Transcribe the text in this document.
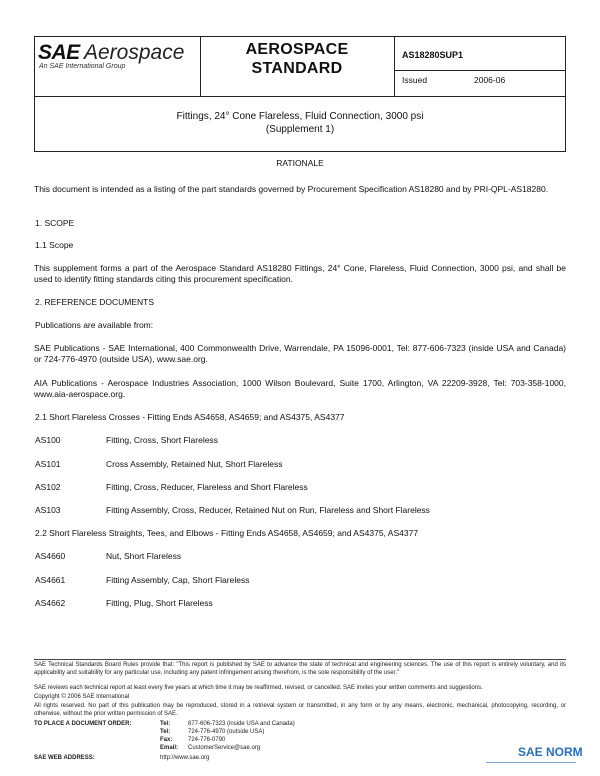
SAE Aerospace
An SAE International Group
AEROSPACE
STANDARD
AS18280SUP1
Issued	2006-06
Fittings, 24° Cone Flareless, Fluid Connection, 3000 psi
(Supplement 1)
RATIONALE
This document is intended as a listing of the part standards governed by Procurement Specification AS18280 and by PRI-QPL-AS18280.
1. SCOPE
1.1 Scope
This supplement forms a part of the Aerospace Standard AS18280 Fittings, 24° Cone, Flareless, Fluid Connection, 3000 psi, and shall be used to identify fitting standards citing this procurement specification.
2. REFERENCE DOCUMENTS
Publications are available from:
SAE Publications - SAE International, 400 Commonwealth Drive, Warrendale, PA 15096-0001, Tel: 877-606-7323 (inside USA and Canada) or 724-776-4970 (outside USA), www.sae.org.
AIA Publications - Aerospace Industries Association, 1000 Wilson Boulevard, Suite 1700, Arlington, VA 22209-3928, Tel: 703-358-1000, www.aia-aerospace.org.
2.1 Short Flareless Crosses - Fitting Ends AS4658, AS4659; and AS4375, AS4377
AS100	Fitting, Cross, Short Flareless
AS101	Cross Assembly, Retained Nut, Short Flareless
AS102	Fitting, Cross, Reducer, Flareless and Short Flareless
AS103	Fitting Assembly, Cross, Reducer, Retained Nut on Run, Flareless and Short Flareless
2.2 Short Flareless Straights, Tees, and Elbows - Fitting Ends AS4658, AS4659; and AS4375, AS4377
AS4660	Nut, Short Flareless
AS4661	Fitting Assembly, Cap, Short Flareless
AS4662	Fitting, Plug, Short Flareless
SAE Technical Standards Board Rules provide that: "This report is published by SAE to advance the state of technical and engineering sciences. The use of this report is entirely voluntary, and its applicability and suitability for any particular use, including any patent infringement arising therefrom, is the sole responsibility of the user."
SAE reviews each technical report at least every five years at which time it may be reaffirmed, revised, or cancelled. SAE invites your written comments and suggestions.
Copyright © 2006 SAE International
All rights reserved. No part of this publication may be reproduced, stored in a retrieval system or transmitted, in any form or by any means, electronic, mechanical, photocopying, recording, or otherwise, without the prior written permission of SAE.
TO PLACE A DOCUMENT ORDER:	Tel:	877-606-7323 (inside USA and Canada)
Tel:	724-776-4970 (outside USA)
Fax:	724-776-0790
Email: CustomerService@sae.org
SAE WEB ADDRESS:	http://www.sae.org	SAE NORM
